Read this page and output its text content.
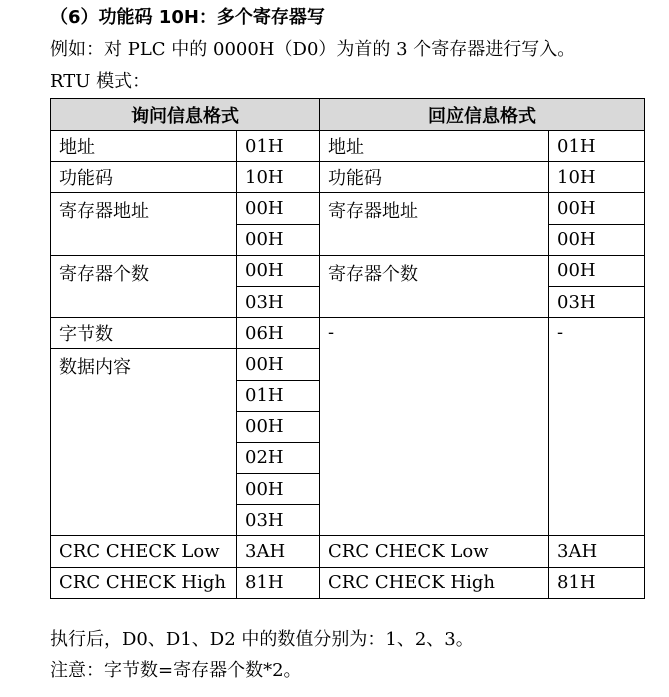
（6）功能码 10H：多个寄存器写
例如：对 PLC 中的 0000H（D0）为首的 3 个寄存器进行写入。
RTU 模式：
询问信息格式		回应信息格式	
地址	01H	地址	01H
功能码	10H	功能码	10H
寄存器地址	00H	寄存器地址	00H
	00H		00H
寄存器个数	00H	寄存器个数	00H
	03H		03H
字节数	06H	-	-
数据内容	00H		
	01H		
	00H		
	02H		
	00H		
	03H		
CRC CHECK Low	3AH	CRC CHECK Low	3AH
CRC CHECK High	81H	CRC CHECK High	81H
执行后，D0、D1、D2 中的数值分别为：1、2、3。
注意：字节数=寄存器个数*2。
